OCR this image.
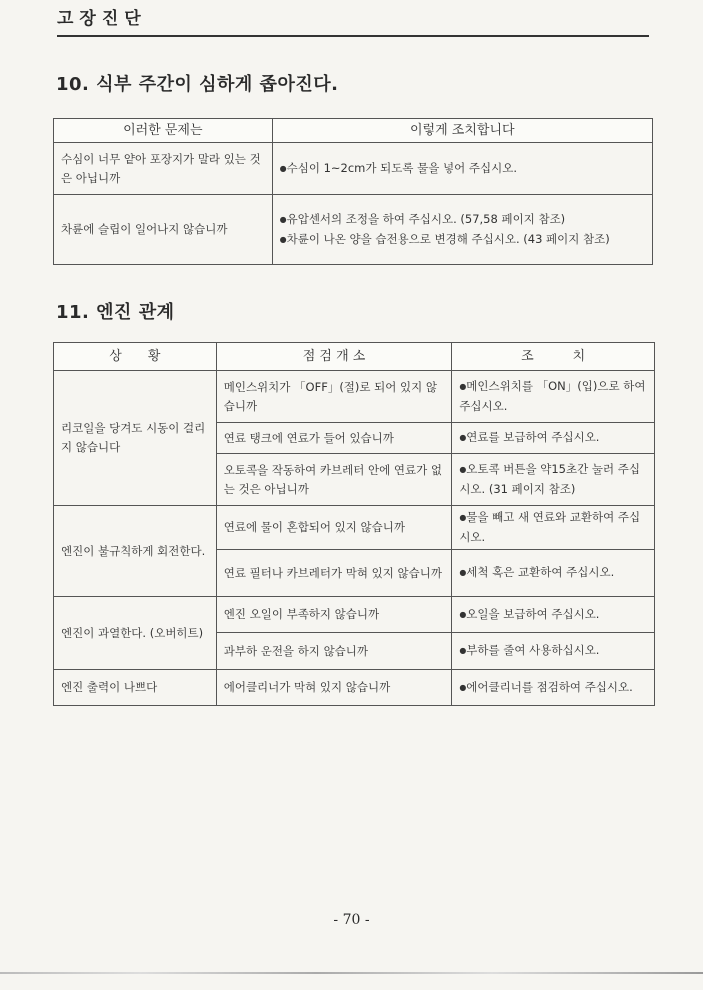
고장진단
10. 식부 주간이 심하게 좁아진다.
이러한 문제는	이렇게 조치합니다
수심이 너무 얕아 포장지가 말라 있는 것은 아닙니까	● 수심이 1~2cm가 되도록 물을 넣어 주십시오.

차륜에 슬립이 일어나지 않습니까	● 유압센서의 조정을 하여 주십시오. (57,58 페이지 참조)
● 차륜이 나온 양을 습전용으로 변경해 주십시오. (43 페이지 참조)
11. 엔진 관계
상　　황	점 검 개 소	조　　　치
리코일을 당겨도 시동이 걸리지 않습니다	메인스위치가 「OFF」(절)로 되어 있지 않습니까	● 메인스위치를 「ON」(입)으로 하여 주십시오.
	연료 탱크에 연료가 들어 있습니까	● 연료를 보급하여 주십시오.
	오토콕을 작동하여 카브레터 안에 연료가 없는 것은 아닙니까	● 오토콕 버튼을 약15초간 눌러 주십시오. (31 페이지 참조)
엔진이 불규칙하게 회전한다.	연료에 물이 혼합되어 있지 않습니까	● 물을 빼고 새 연료와 교환하여 주십시오.
	연료 필터나 카브레터가 막혀 있지 않습니까	● 세척 혹은 교환하여 주십시오.
엔진이 과열한다. (오버히트)	엔진 오일이 부족하지 않습니까	● 오일을 보급하여 주십시오.
	과부하 운전을 하지 않습니까	● 부하를 줄여 사용하십시오.
엔진 출력이 나쁘다	에어클리너가 막혀 있지 않습니까	● 에어클리너를 점검하여 주십시오.
- 70 -
